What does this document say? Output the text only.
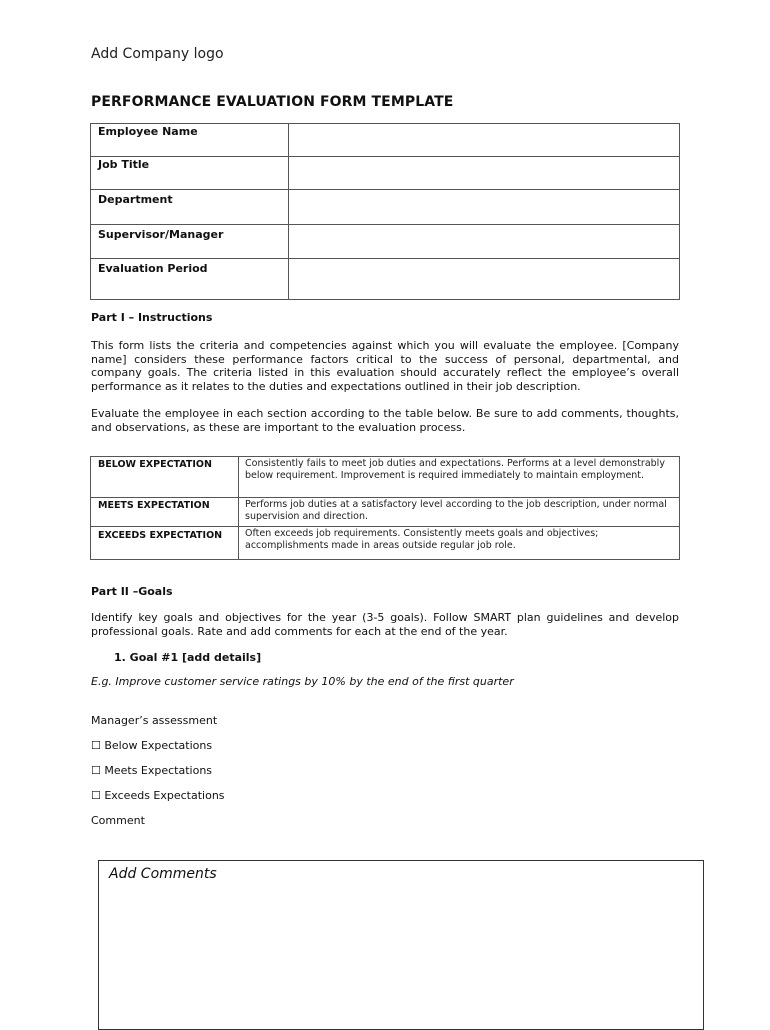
Add Company logo
PERFORMANCE EVALUATION FORM TEMPLATE
Employee Name	
Job Title	
Department	
Supervisor/Manager	
Evaluation Period	
Part I – Instructions
This form lists the criteria and competencies against which you will evaluate the employee. [Company name] considers these performance factors critical to the success of personal, departmental, and company goals. The criteria listed in this evaluation should accurately reflect the employee’s overall performance as it relates to the duties and expectations outlined in their job description.
Evaluate the employee in each section according to the table below. Be sure to add comments, thoughts, and observations, as these are important to the evaluation process.
BELOW EXPECTATION	Consistently fails to meet job duties and expectations. Performs at a level demonstrably below requirement. Improvement is required immediately to maintain employment.
MEETS EXPECTATION	Performs job duties at a satisfactory level according to the job description, under normal supervision and direction.
EXCEEDS EXPECTATION	Often exceeds job requirements. Consistently meets goals and objectives; accomplishments made in areas outside regular job role.
Part II –Goals
Identify key goals and objectives for the year (3-5 goals). Follow SMART plan guidelines and develop professional goals. Rate and add comments for each at the end of the year.
1. Goal #1 [add details]
E.g. Improve customer service ratings by 10% by the end of the first quarter
Manager’s assessment
☐ Below Expectations
☐ Meets Expectations
☐ Exceeds Expectations
Comment
Add Comments
